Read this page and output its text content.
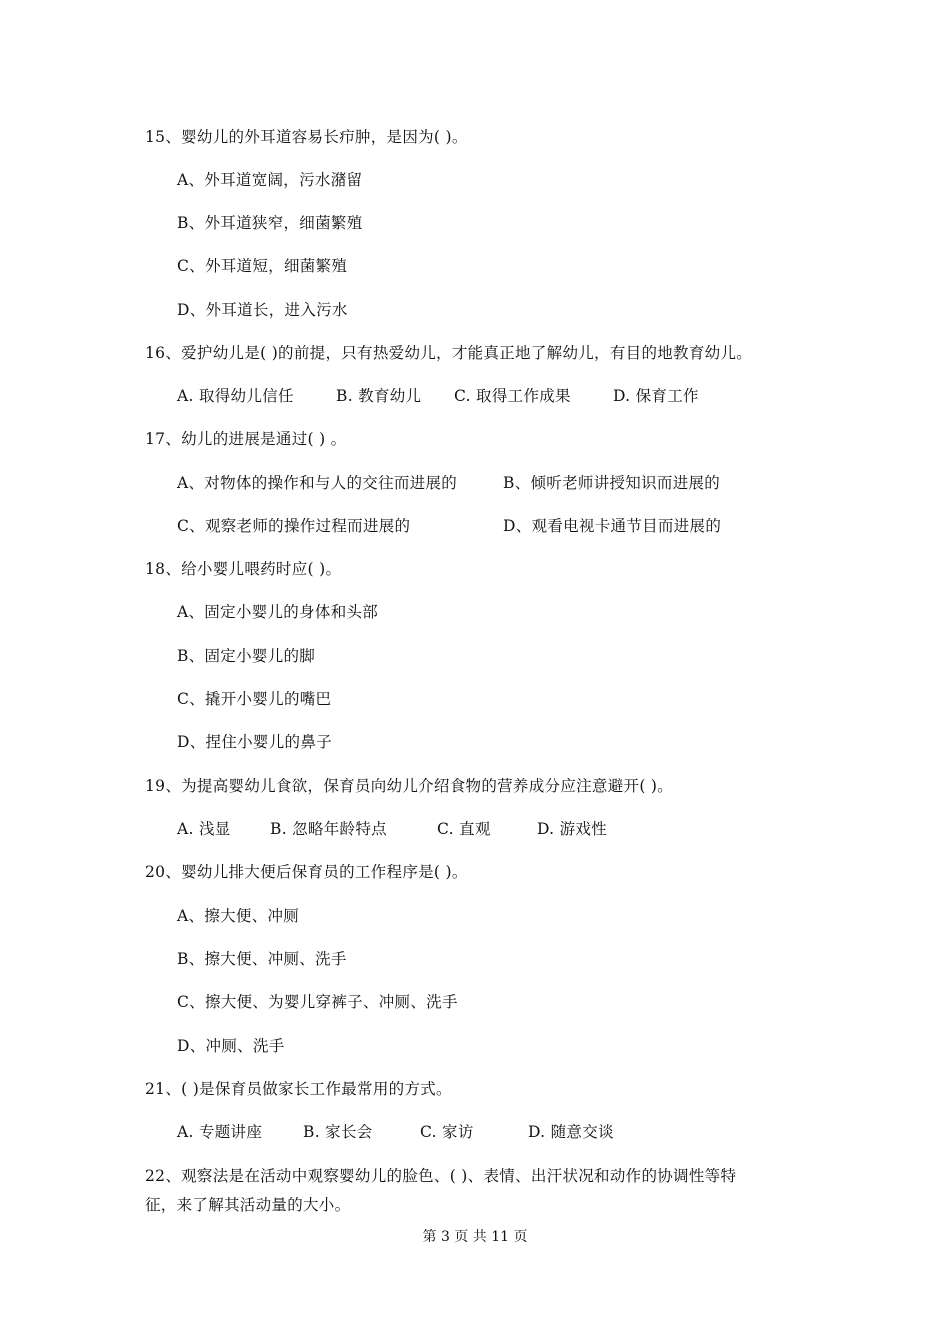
15、婴幼儿的外耳道容易长疖肿，是因为( )。
A、外耳道宽阔，污水潴留
B、外耳道狭窄，细菌繁殖
C、外耳道短，细菌繁殖
D、外耳道长，进入污水
16、爱护幼儿是( )的前提，只有热爱幼儿，才能真正地了解幼儿，有目的地教育幼儿。
A. 取得幼儿信任	B. 教育幼儿 C. 取得工作成果	D. 保育工作
17、幼儿的进展是通过( ) 。
A、对物体的操作和与人的交往而进展的	B、倾听老师讲授知识而进展的
C、观察老师的操作过程而进展的	D、观看电视卡通节目而进展的
18、给小婴儿喂药时应( )。
A、固定小婴儿的身体和头部
B、固定小婴儿的脚
C、撬开小婴儿的嘴巴
D、捏住小婴儿的鼻子
19、为提高婴幼儿食欲，保育员向幼儿介绍食物的营养成分应注意避开( )。
A. 浅显	B. 忽略年龄特点	C. 直观	D. 游戏性
20、婴幼儿排大便后保育员的工作程序是( )。
A、擦大便、冲厕
B、擦大便、冲厕、洗手
C、擦大便、为婴儿穿裤子、冲厕、洗手
D、冲厕、洗手
21、( )是保育员做家长工作最常用的方式。
A. 专题讲座	B. 家长会	C. 家访	D. 随意交谈
22、观察法是在活动中观察婴幼儿的脸色、( )、表情、出汗状况和动作的协调性等特
征，来了解其活动量的大小。
第 3 页 共 11 页
